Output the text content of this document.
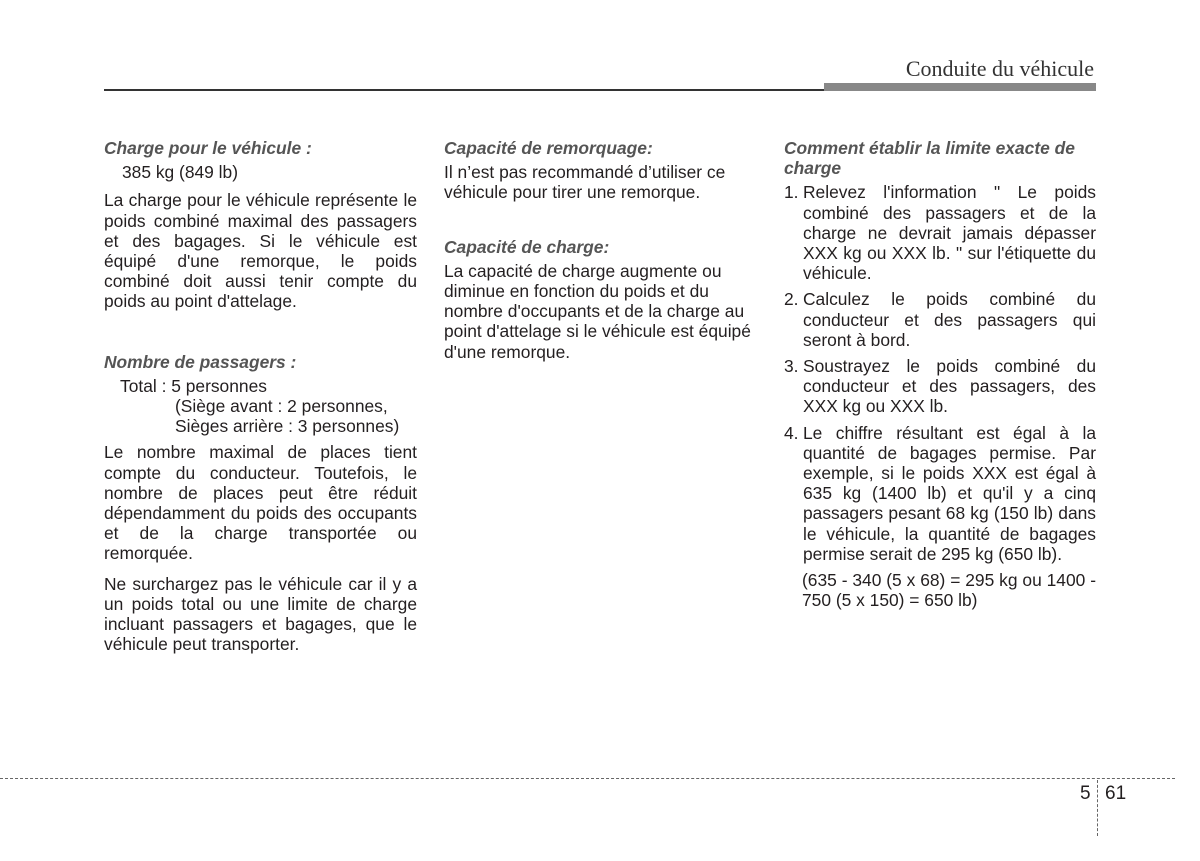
Conduite du véhicule
Charge pour le véhicule :

385 kg (849 lb)

La charge pour le véhicule représente le poids combiné maximal des passagers et des bagages. Si le véhicule est équipé d'une remorque, le poids combiné doit aussi tenir compte du poids au point d'attelage.

Nombre de passagers :
Total : 5 personnes
(Siège avant : 2 personnes,
Sièges arrière : 3 personnes)

Le nombre maximal de places tient compte du conducteur. Toutefois, le nombre de places peut être réduit dépendamment du poids des occupants et de la charge transportée ou remorquée.

Ne surchargez pas le véhicule car il y a un poids total ou une limite de charge incluant passagers et bagages, que le véhicule peut transporter.

Capacité de remorquage:

Il n’est pas recommandé d’utiliser ce véhicule pour tirer une remorque.

Capacité de charge:

La capacité de charge augmente ou diminue en fonction du poids et du nombre d'occupants et de la charge au point d'attelage si le véhicule est équipé d'une remorque.

Comment établir la limite exacte de charge
1. Relevez l'information " Le poids combiné des passagers et de la charge ne devrait jamais dépasser XXX kg ou XXX lb. " sur l'étiquette du véhicule.
2. Calculez le poids combiné du conducteur et des passagers qui seront à bord.
3. Soustrayez le poids combiné du conducteur et des passagers, des XXX kg ou XXX lb.
4. Le chiffre résultant est égal à la quantité de bagages permise. Par exemple, si le poids XXX est égal à 635 kg (1400 lb) et qu'il y a cinq passagers pesant 68 kg (150 lb) dans le véhicule, la quantité de bagages permise serait de 295 kg (650 lb).
(635 - 340 (5 x 68) = 295 kg ou 1400 - 750 (5 x 150) = 650 lb)
5 61
